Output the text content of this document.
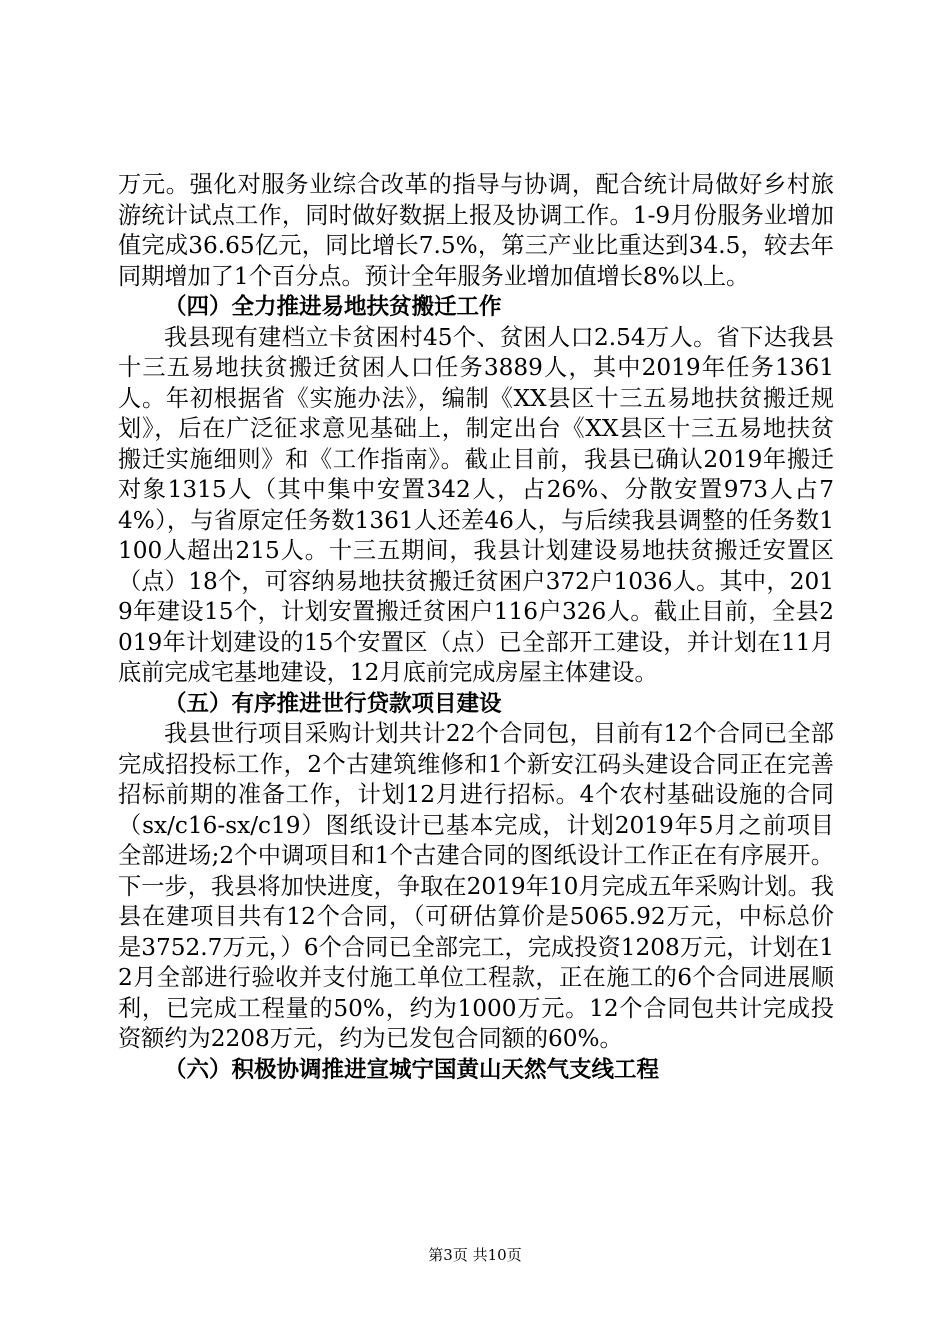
万元。强化对服务业综合改革的指导与协调，配合统计局做好乡村旅游统计试点工作，同时做好数据上报及协调工作。1-9月份服务业增加值完成36.65亿元，同比增长7.5%，第三产业比重达到34.5，较去年同期增加了1个百分点。预计全年服务业增加值增长8%以上。

（四）全力推进易地扶贫搬迁工作

我县现有建档立卡贫困村45个、贫困人口2.54万人。省下达我县十三五易地扶贫搬迁贫困人口任务3889人，其中2019年任务1361人。年初根据省《实施办法》，编制《XX县区十三五易地扶贫搬迁规划》，后在广泛征求意见基础上，制定出台《XX县区十三五易地扶贫搬迁实施细则》和《工作指南》。截止目前，我县已确认2019年搬迁对象1315人（其中集中安置342人，占26%、分散安置973人占74%），与省原定任务数1361人还差46人，与后续我县调整的任务数1100人超出215人。十三五期间，我县计划建设易地扶贫搬迁安置区（点）18个，可容纳易地扶贫搬迁贫困户372户1036人。其中，2019年建设15个，计划安置搬迁贫困户116户326人。截止目前，全县2019年计划建设的15个安置区（点）已全部开工建设，并计划在11月底前完成宅基地建设，12月底前完成房屋主体建设。

（五）有序推进世行贷款项目建设

我县世行项目采购计划共计22个合同包，目前有12个合同已全部完成招投标工作，2个古建筑维修和1个新安江码头建设合同正在完善招标前期的准备工作，计划12月进行招标。4个农村基础设施的合同（sx/c16-sx/c19）图纸设计已基本完成，计划2019年5月之前项目全部进场;2个中调项目和1个古建合同的图纸设计工作正在有序展开。下一步，我县将加快进度，争取在2019年10月完成五年采购计划。我县在建项目共有12个合同，（可研估算价是5065.92万元，中标总价是3752.7万元，）6个合同已全部完工，完成投资1208万元，计划在12月全部进行验收并支付施工单位工程款，正在施工的6个合同进展顺利，已完成工程量的50%，约为1000万元。12个合同包共计完成投资额约为2208万元，约为已发包合同额的60%。

（六）积极协调推进宣城宁国黄山天然气支线工程
第3页 共10页
